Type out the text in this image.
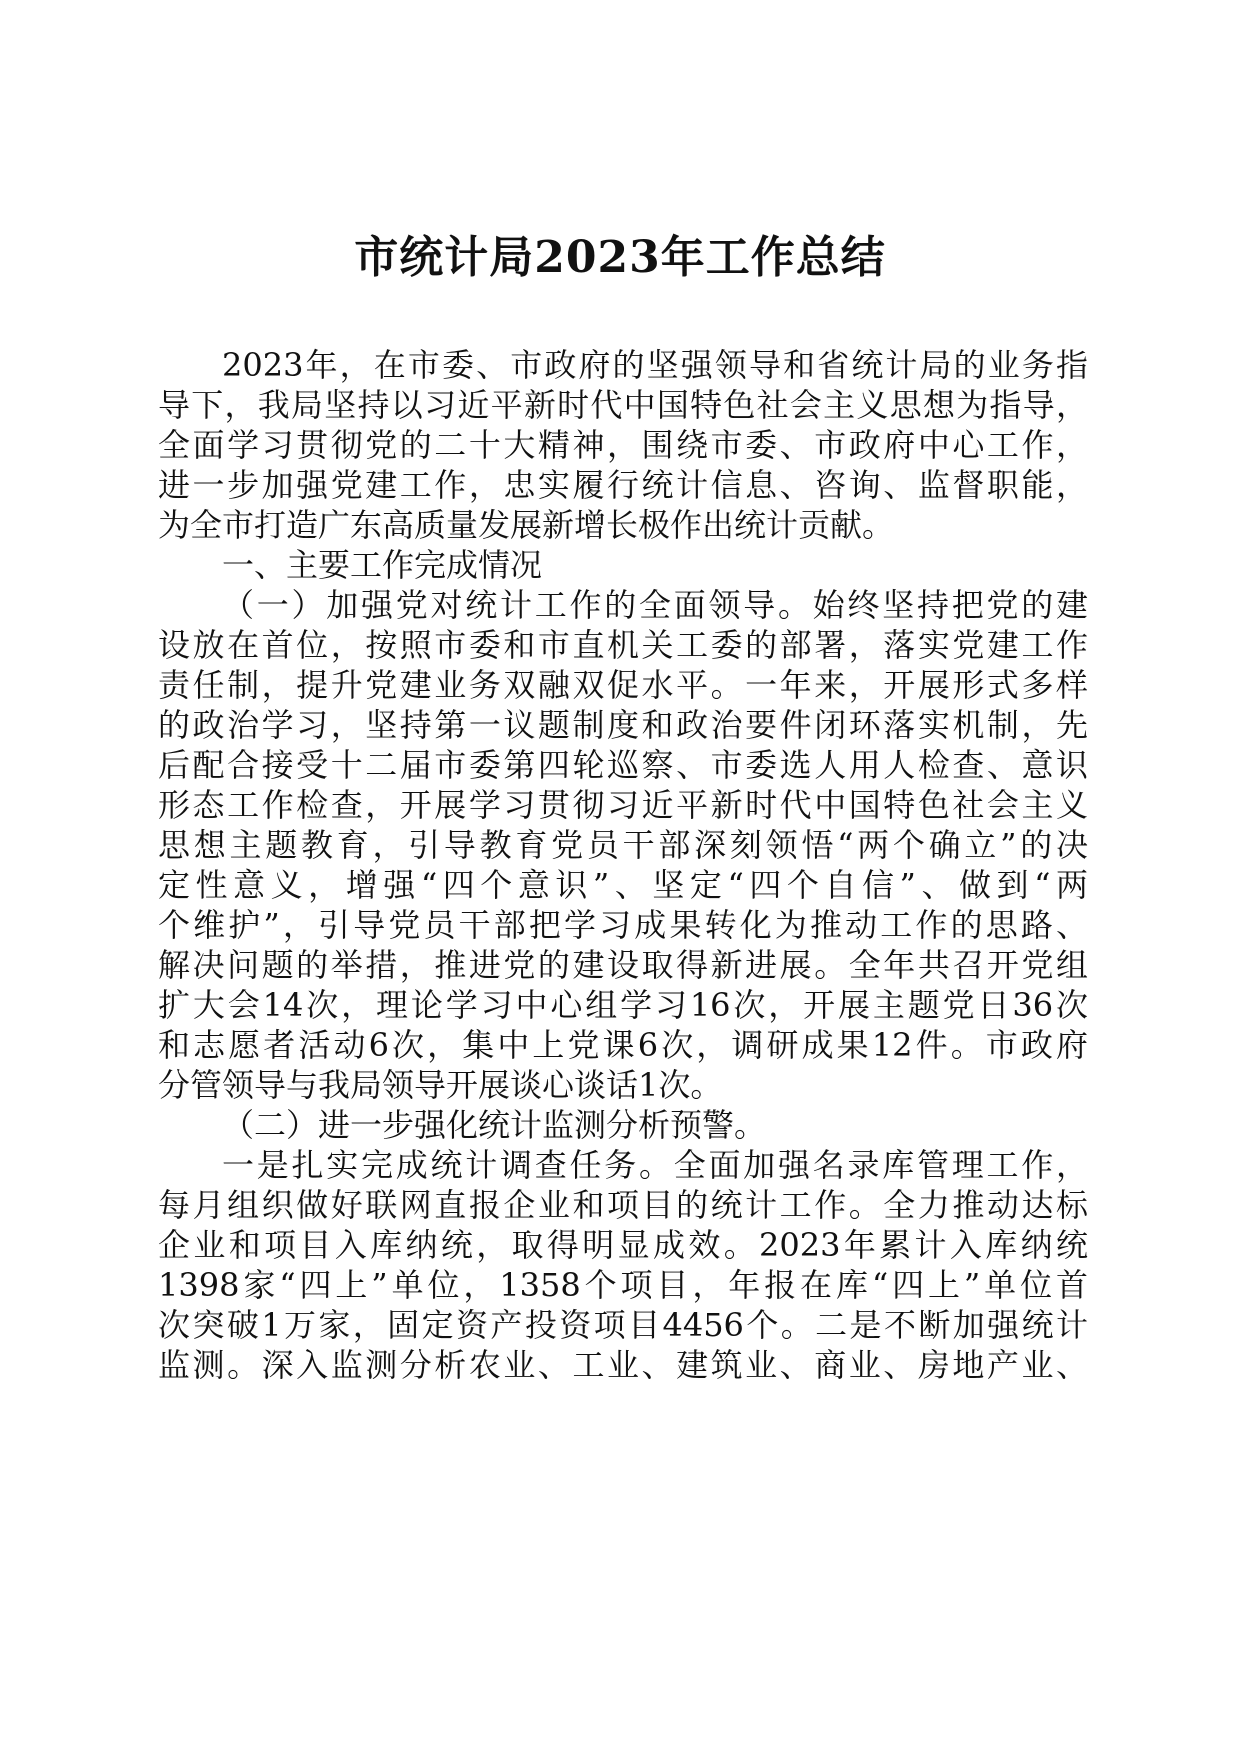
市统计局2023年工作总结
2023年，在市委、市政府的坚强领导和省统计局的业务指
导下，我局坚持以习近平新时代中国特色社会主义思想为指导，
全面学习贯彻党的二十大精神，围绕市委、市政府中心工作，
进一步加强党建工作，忠实履行统计信息、咨询、监督职能，
为全市打造广东高质量发展新增长极作出统计贡献。
一、主要工作完成情况
（一）加强党对统计工作的全面领导。始终坚持把党的建
设放在首位，按照市委和市直机关工委的部署，落实党建工作
责任制，提升党建业务双融双促水平。一年来，开展形式多样
的政治学习，坚持第一议题制度和政治要件闭环落实机制，先
后配合接受十二届市委第四轮巡察、市委选人用人检查、意识
形态工作检查，开展学习贯彻习近平新时代中国特色社会主义
思想主题教育，引导教育党员干部深刻领悟“两个确立”的决
定性意义，增强“四个意识”、坚定“四个自信”、做到“两
个维护”，引导党员干部把学习成果转化为推动工作的思路、
解决问题的举措，推进党的建设取得新进展。全年共召开党组
扩大会14次，理论学习中心组学习16次，开展主题党日36次
和志愿者活动6次，集中上党课6次，调研成果12件。市政府
分管领导与我局领导开展谈心谈话1次。
（二）进一步强化统计监测分析预警。
一是扎实完成统计调查任务。全面加强名录库管理工作，
每月组织做好联网直报企业和项目的统计工作。全力推动达标
企业和项目入库纳统，取得明显成效。2023年累计入库纳统
1398家“四上”单位，1358个项目，年报在库“四上”单位首
次突破1万家，固定资产投资项目4456个。二是不断加强统计
监测。深入监测分析农业、工业、建筑业、商业、房地产业、
